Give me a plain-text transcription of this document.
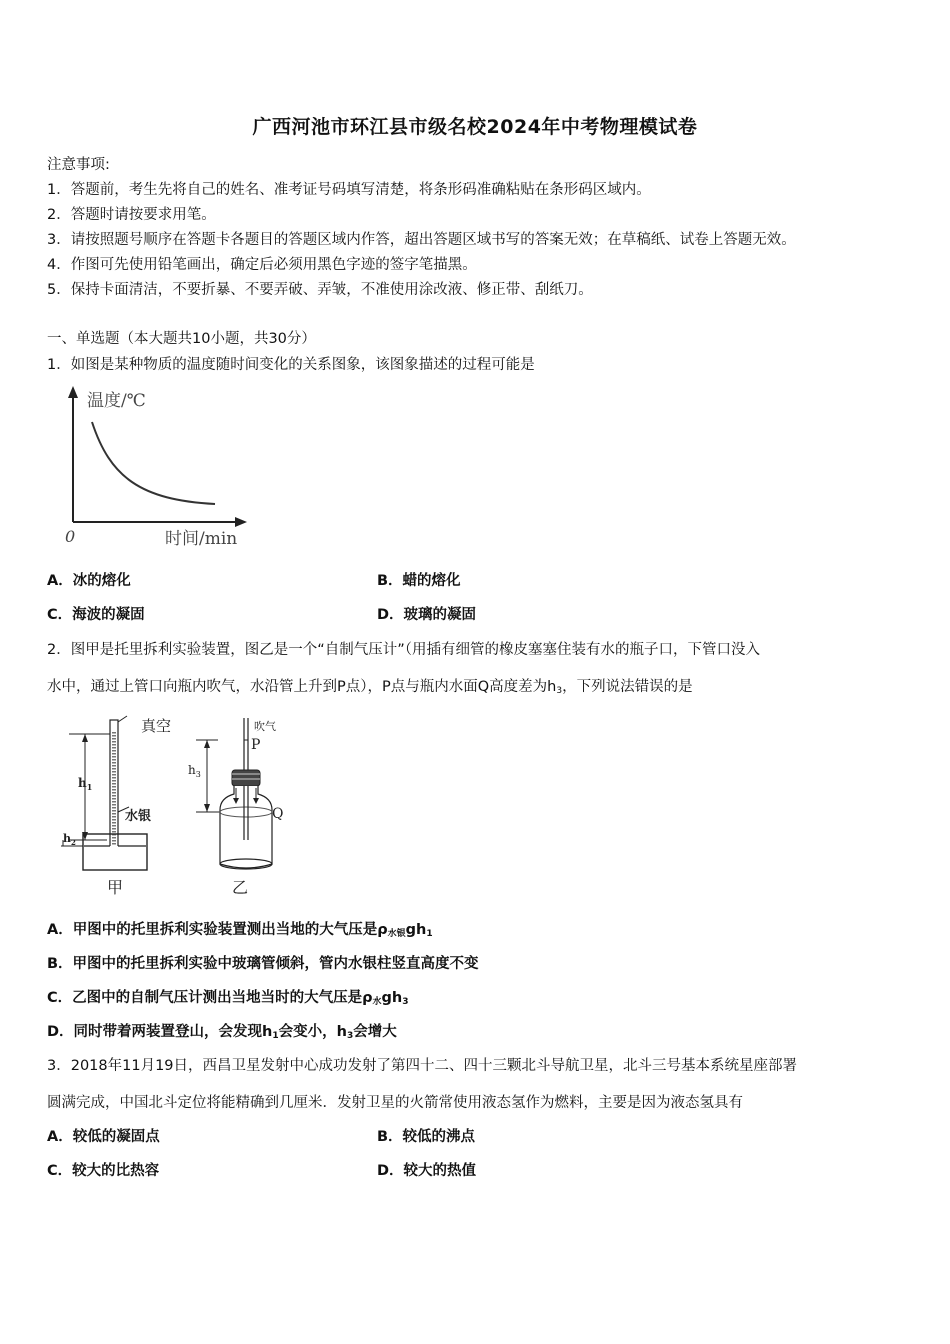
广西河池市环江县市级名校2024年中考物理模试卷
注意事项:
1．答题前，考生先将自己的姓名、准考证号码填写清楚，将条形码准确粘贴在条形码区域内。
2．答题时请按要求用笔。
3．请按照题号顺序在答题卡各题目的答题区域内作答，超出答题区域书写的答案无效；在草稿纸、试卷上答题无效。
4．作图可先使用铅笔画出，确定后必须用黑色字迹的签字笔描黑。
5．保持卡面清洁，不要折暴、不要弄破、弄皱，不准使用涂改液、修正带、刮纸刀。
一、单选题（本大题共10小题，共30分）
1．如图是某种物质的温度随时间变化的关系图象，该图象描述的过程可能是
温度/℃
0	时间/min
A．冰的熔化	B．蜡的熔化
C．海波的凝固	D．玻璃的凝固
2．图甲是托里拆利实验装置，图乙是一个“自制气压计”（用插有细管的橡皮塞塞住装有水的瓶子口，下管口没入
水中，通过上管口向瓶内吹气，水沿管上升到P点），P点与瓶内水面Q高度差为$h_3$，下列说法错误的是
真空
$h_1$
$h_2$
水银
甲
吹气
P
Q
$h_3$
乙
A．甲图中的托里拆利实验装置测出当地的大气压是$\rho_{水银}gh_1$
B．甲图中的托里拆利实验中玻璃管倾斜，管内水银柱竖直高度不变
C．乙图中的自制气压计测出当地当时的大气压是$\rho_水gh_3$
D．同时带着两装置登山，会发现$h_1$会变小，$h_3$会增大
3．2018年11月19日，西昌卫星发射中心成功发射了第四十二、四十三颗北斗导航卫星，北斗三号基本系统星座部署
圆满完成，中国北斗定位将能精确到几厘米．发射卫星的火箭常使用液态氢作为燃料，主要是因为液态氢具有
A．较低的凝固点	B．较低的沸点
C．较大的比热容	D．较大的热值
